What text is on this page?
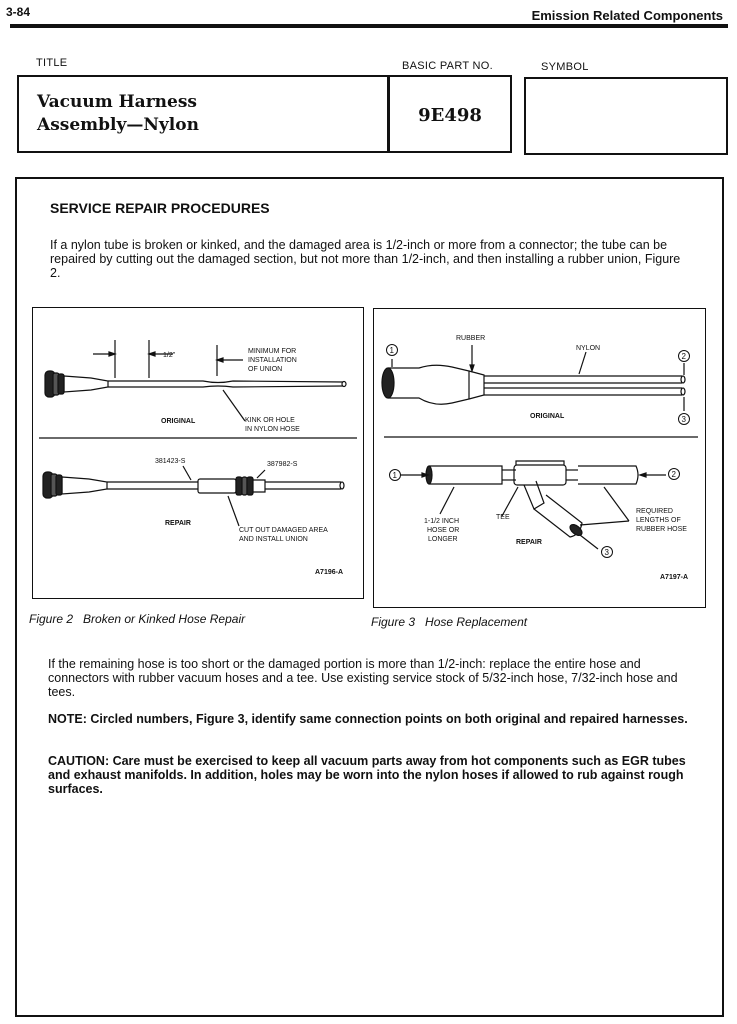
3-84	Emission Related Components
TITLE	BASIC PART NO.	SYMBOL
Vacuum Harness
Assembly—Nylon	9E498
SERVICE REPAIR PROCEDURES
If a nylon tube is broken or kinked, and the damaged area is 1/2-inch or more from a connector; the tube can be repaired by cutting out the damaged section, but not more than 1/2-inch, and then installing a rubber union, Figure 2.
1/2"
MINIMUM FOR
INSTALLATION
OF UNION
ORIGINAL	KINK OR HOLE
IN NYLON HOSE
381423-S	387982-S
REPAIR
CUT OUT DAMAGED AREA
AND INSTALL UNION
A7196-A
1
2
3
1	2
3
RUBBER
NYLON
ORIGINAL
TEE
1-1/2 INCH
HOSE OR
LONGER	REPAIR
REQUIRED
LENGTHS OF
RUBBER HOSE
A7197-A
Figure 2   Broken or Kinked Hose Repair	Figure 3   Hose Replacement
If the remaining hose is too short or the damaged portion is more than 1/2-inch: replace the entire hose and connectors with rubber vacuum hoses and a tee. Use existing service stock of 5/32-inch hose, 7/32-inch hose and tees.
NOTE: Circled numbers, Figure 3, identify same connection points on both original and repaired harnesses.
CAUTION: Care must be exercised to keep all vacuum parts away from hot components such as EGR tubes and exhaust manifolds. In addition, holes may be worn into the nylon hoses if allowed to rub against rough surfaces.
